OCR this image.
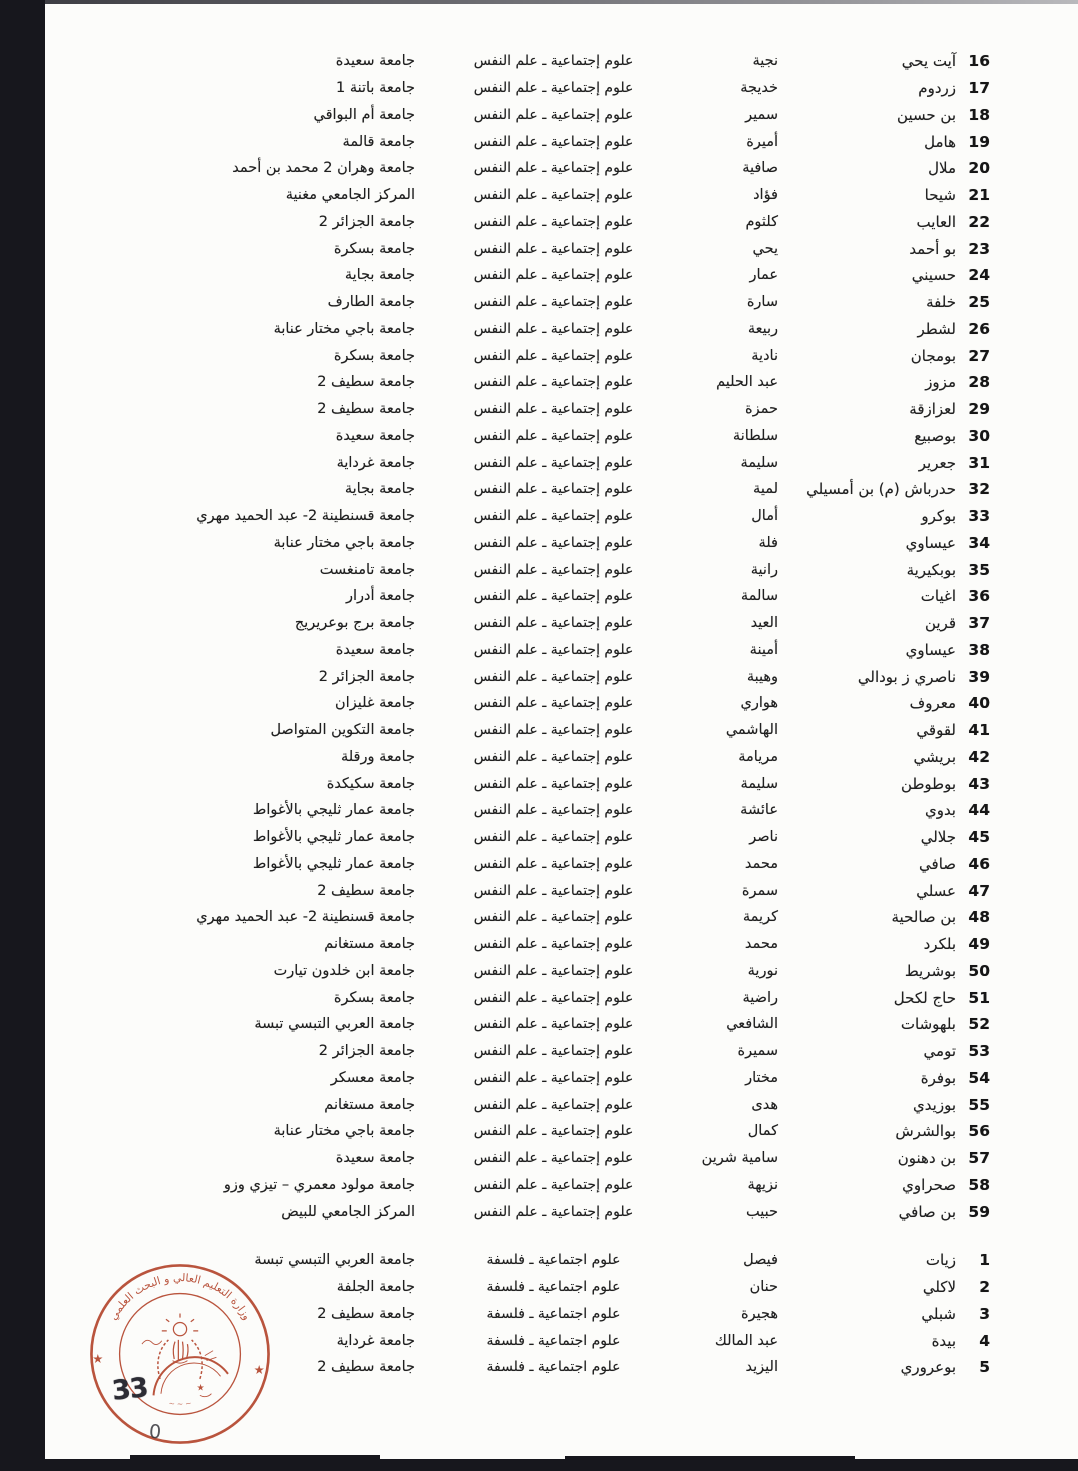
16
آيت يحي
نجية
علوم إجتماعية ـ علم النفس
جامعة سعيدة
17
زردوم
خديجة
علوم إجتماعية ـ علم النفس
جامعة باتنة 1
18
بن حسين
سمير
علوم إجتماعية ـ علم النفس
جامعة أم البواقي
19
هامل
أميرة
علوم إجتماعية ـ علم النفس
جامعة قالمة
20
ملال
صافية
علوم إجتماعية ـ علم النفس
جامعة وهران 2 محمد بن أحمد
21
شيحا
فؤاد
علوم إجتماعية ـ علم النفس
المركز الجامعي مغنية
22
العايب
كلثوم
علوم إجتماعية ـ علم النفس
جامعة الجزائر 2
23
بو أحمد
يحي
علوم إجتماعية ـ علم النفس
جامعة بسكرة
24
حسيني
عمار
علوم إجتماعية ـ علم النفس
جامعة بجاية
25
خلفة
سارة
علوم إجتماعية ـ علم النفس
جامعة الطارف
26
لشطر
ربيعة
علوم إجتماعية ـ علم النفس
جامعة باجي مختار عنابة
27
بومجان
نادية
علوم إجتماعية ـ علم النفس
جامعة بسكرة
28
مزوز
عبد الحليم
علوم إجتماعية ـ علم النفس
جامعة سطيف 2
29
لعزازقة
حمزة
علوم إجتماعية ـ علم النفس
جامعة سطيف 2
30
بوصبيع
سلطانة
علوم إجتماعية ـ علم النفس
جامعة سعيدة
31
جعرير
سليمة
علوم إجتماعية ـ علم النفس
جامعة غرداية
32
حدرباش (م) بن أمسيلي
لمية
علوم إجتماعية ـ علم النفس
جامعة بجاية
33
بوكرو
أمال
علوم إجتماعية ـ علم النفس
جامعة قسنطينة 2- عبد الحميد مهري
34
عيساوي
فلة
علوم إجتماعية ـ علم النفس
جامعة باجي مختار عنابة
35
بوبكيرية
رانية
علوم إجتماعية ـ علم النفس
جامعة تامنغست
36
اغيات
سالمة
علوم إجتماعية ـ علم النفس
جامعة أدرار
37
قرين
العيد
علوم إجتماعية ـ علم النفس
جامعة برج بوعريريج
38
عيساوي
أمينة
علوم إجتماعية ـ علم النفس
جامعة سعيدة
39
ناصري ز بودالي
وهيبة
علوم إجتماعية ـ علم النفس
جامعة الجزائر 2
40
معروف
هواري
علوم إجتماعية ـ علم النفس
جامعة غليزان
41
لقوقي
الهاشمي
علوم إجتماعية ـ علم النفس
جامعة التكوين المتواصل
42
بريشي
مريامة
علوم إجتماعية ـ علم النفس
جامعة ورقلة
43
بوطوطن
سليمة
علوم إجتماعية ـ علم النفس
جامعة سكيكدة
44
بدوي
عائشة
علوم إجتماعية ـ علم النفس
جامعة عمار ثليجي بالأغواط
45
جلالي
ناصر
علوم إجتماعية ـ علم النفس
جامعة عمار ثليجي بالأغواط
46
صافي
محمد
علوم إجتماعية ـ علم النفس
جامعة عمار ثليجي بالأغواط
47
عسلي
سمرة
علوم إجتماعية ـ علم النفس
جامعة سطيف 2
48
بن صالحية
كريمة
علوم إجتماعية ـ علم النفس
جامعة قسنطينة 2- عبد الحميد مهري
49
بلكرد
محمد
علوم إجتماعية ـ علم النفس
جامعة مستغانم
50
بوشريط
نورية
علوم إجتماعية ـ علم النفس
جامعة ابن خلدون تيارت
51
حاج لكحل
راضية
علوم إجتماعية ـ علم النفس
جامعة بسكرة
52
بلهوشات
الشافعي
علوم إجتماعية ـ علم النفس
جامعة العربي التبسي تبسة
53
تومي
سميرة
علوم إجتماعية ـ علم النفس
جامعة الجزائر 2
54
بوفرة
مختار
علوم إجتماعية ـ علم النفس
جامعة معسكر
55
بوزيدي
هدى
علوم إجتماعية ـ علم النفس
جامعة مستغانم
56
بوالشرش
كمال
علوم إجتماعية ـ علم النفس
جامعة باجي مختار عنابة
57
بن دهنون
سامية شرين
علوم إجتماعية ـ علم النفس
جامعة سعيدة
58
صحراوي
نزيهة
علوم إجتماعية ـ علم النفس
جامعة مولود معمري – تيزي وزو
59
بن صافي
حبيب
علوم إجتماعية ـ علم النفس
المركز الجامعي للبيض
1
زيات
فيصل
علوم اجتماعية ـ فلسفة
جامعة العربي التبسي تبسة
2
لاكلي
حنان
علوم اجتماعية ـ فلسفة
جامعة الجلفة
3
شبلي
هجيرة
علوم اجتماعية ـ فلسفة
جامعة سطيف 2
4
بيدة
عبد المالك
علوم اجتماعية ـ فلسفة
جامعة غرداية
5
بوعروري
اليزيد
علوم اجتماعية ـ فلسفة
جامعة سطيف 2
وزارة التعليم العالي و البحث العلمي
★
★
~ ~ ~
★
33
0
